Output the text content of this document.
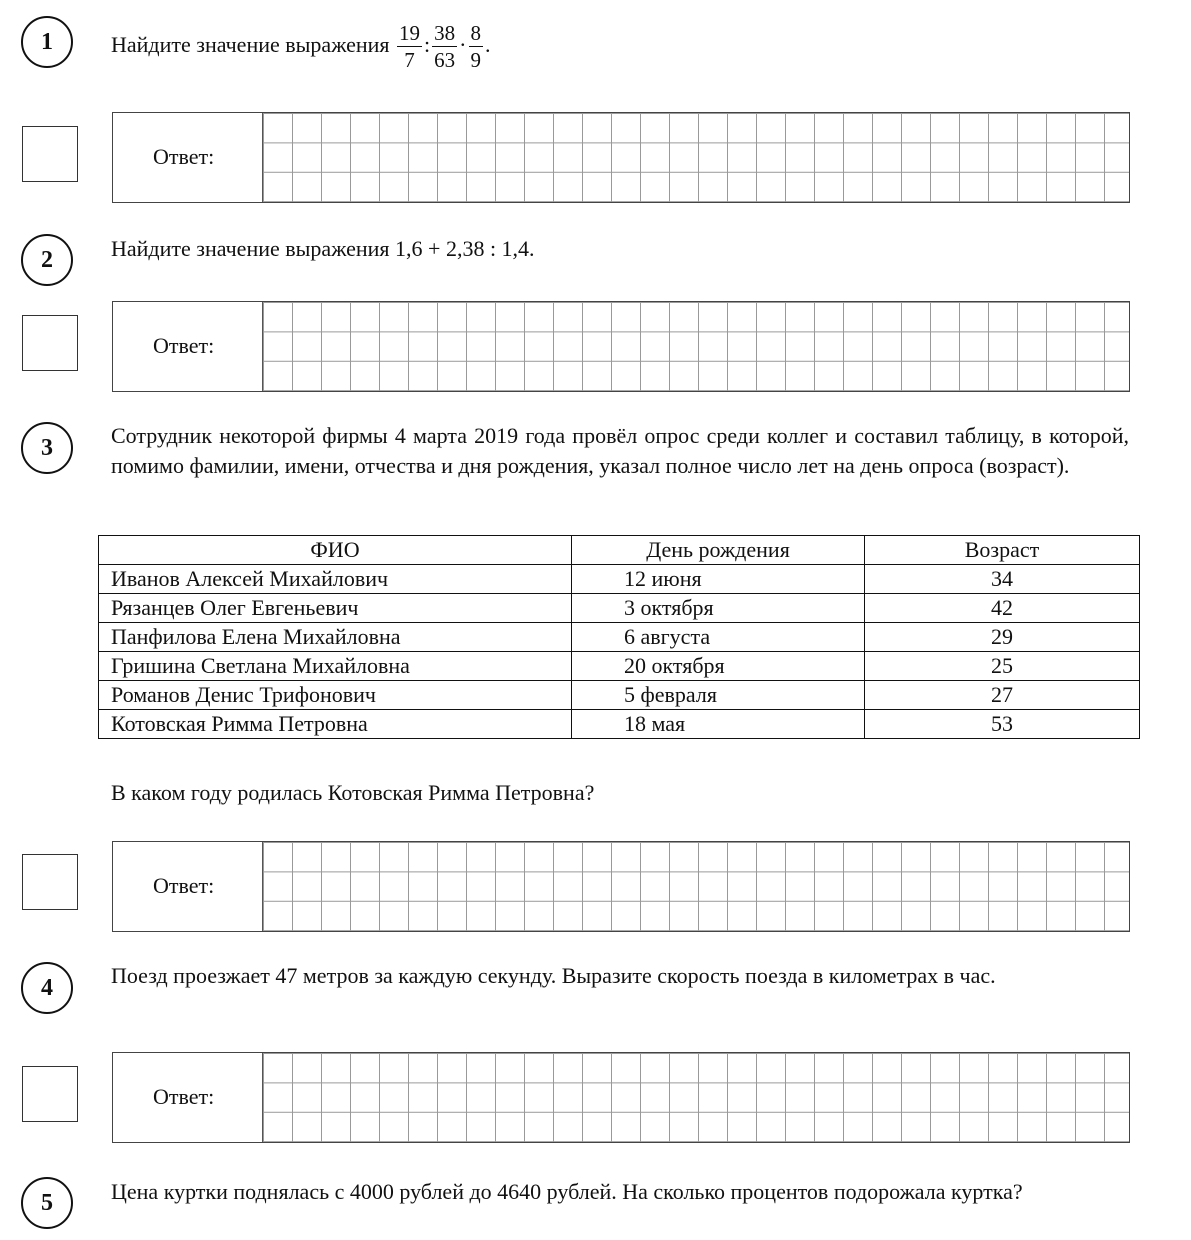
1	Найдите значение выражения $\frac{19}{7}$ : $\frac{38}{63} \cdot \frac{8}{9}$ .
Ответ:
2	Найдите значение выражения 1,6 + 2,38 : 1,4.
Ответ:
3	Сотрудник некоторой фирмы 4 марта 2019 года провёл опрос среди коллег и составил таблицу, в которой, помимо фамилии, имени, отчества и дня рождения, указал полное число лет на день опроса (возраст).
ФИО	День рождения	Возраст
Иванов Алексей Михайлович	12 июня	34
Рязанцев Олег Евгеньевич	3 октября	42
Панфилова Елена Михайловна	6 августа	29
Гришина Светлана Михайловна	20 октября	25
Романов Денис Трифонович	5 февраля	27
Котовская Римма Петровна	18 мая	53
В каком году родилась Котовская Римма Петровна?
Ответ:
4	Поезд проезжает 47 метров за каждую секунду. Выразите скорость поезда в километрах в час.
Ответ:
5	Цена куртки поднялась с 4000 рублей до 4640 рублей. На сколько процентов подорожала куртка?
